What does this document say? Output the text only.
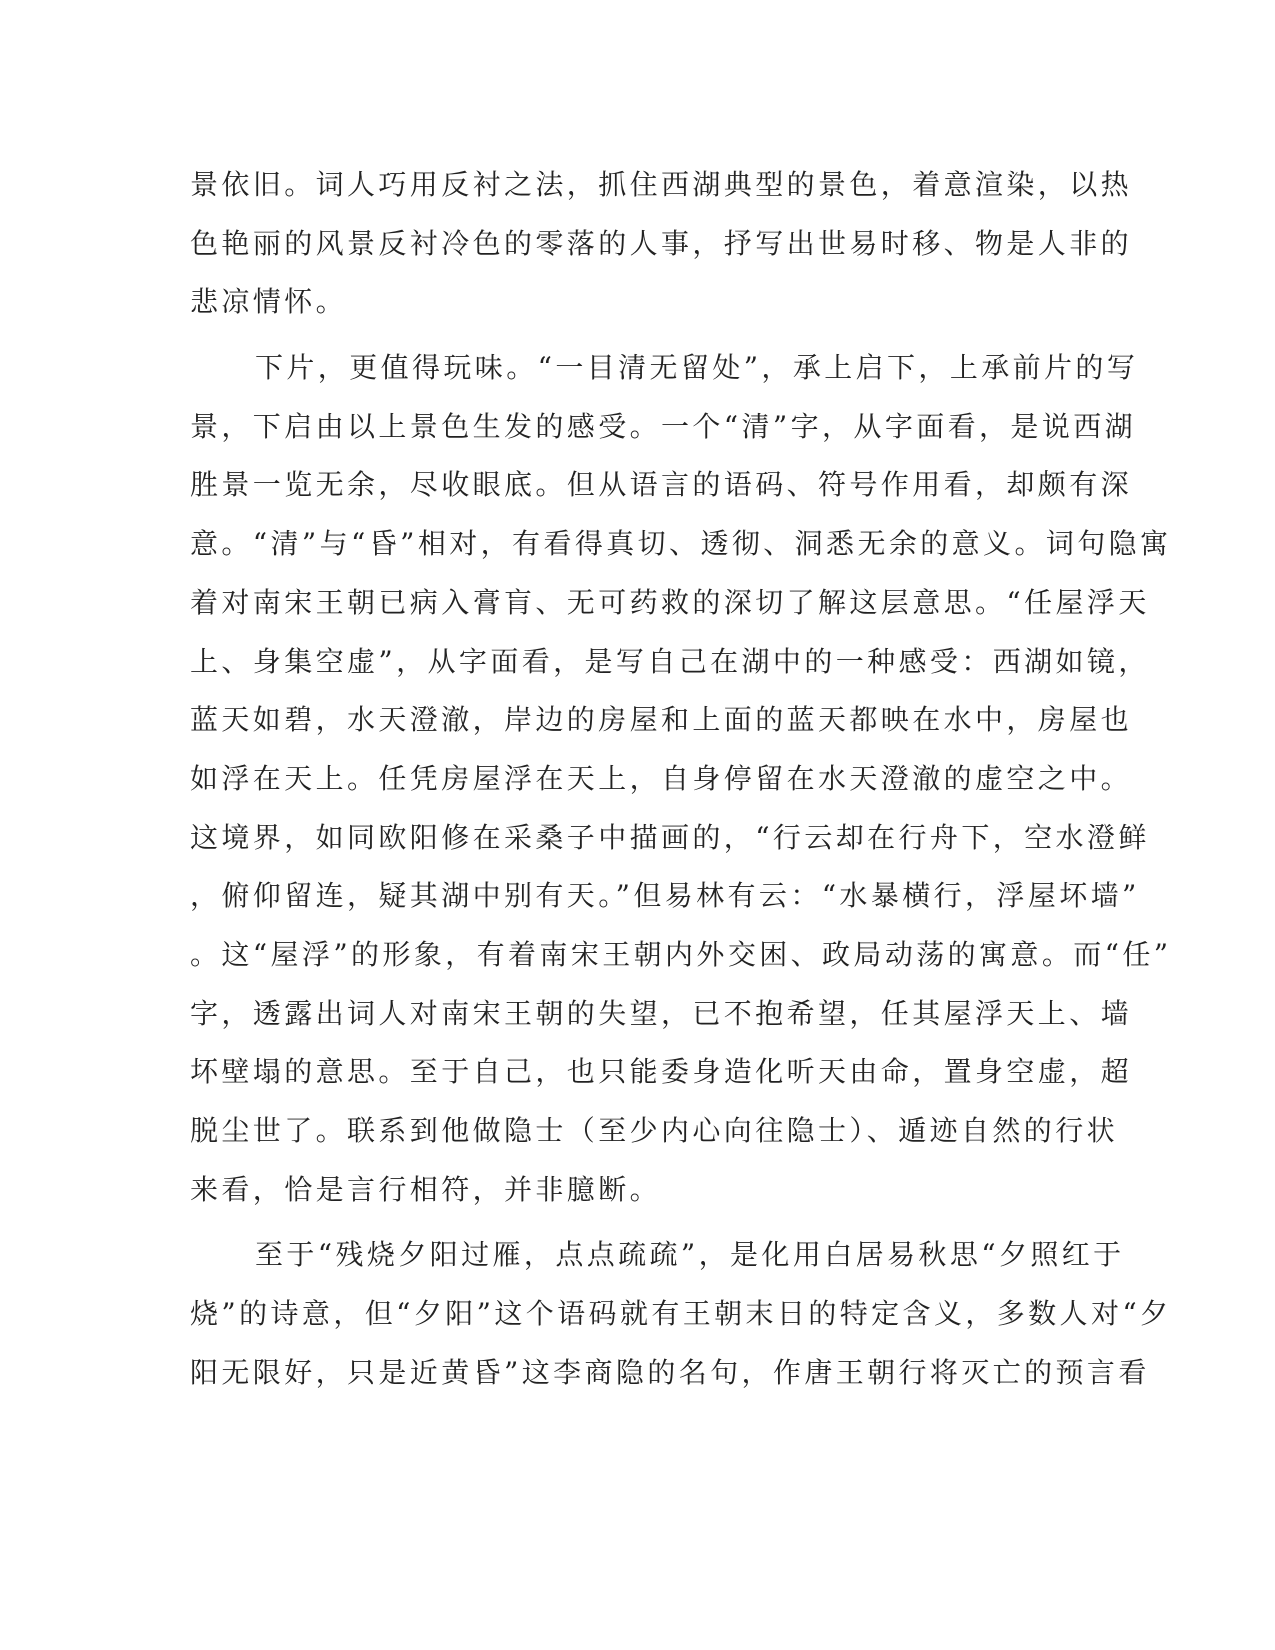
景依旧。词人巧用反衬之法，抓住西湖典型的景色，着意渲染，以热
色艳丽的风景反衬冷色的零落的人事，抒写出世易时移、物是人非的
悲凉情怀。
下片，更值得玩味。“一目清无留处”，承上启下，上承前片的写
景，下启由以上景色生发的感受。一个“清”字，从字面看，是说西湖
胜景一览无余，尽收眼底。但从语言的语码、符号作用看，却颇有深
意。“清”与“昏”相对，有看得真切、透彻、洞悉无余的意义。词句隐寓
着对南宋王朝已病入膏肓、无可药救的深切了解这层意思。“任屋浮天
上、身集空虚”，从字面看，是写自己在湖中的一种感受：西湖如镜，
蓝天如碧，水天澄澈，岸边的房屋和上面的蓝天都映在水中，房屋也
如浮在天上。任凭房屋浮在天上，自身停留在水天澄澈的虚空之中。
这境界，如同欧阳修在采桑子中描画的，“行云却在行舟下，空水澄鲜
，俯仰留连，疑其湖中别有天。”但易林有云：“水暴横行，浮屋坏墙”
。这“屋浮”的形象，有着南宋王朝内外交困、政局动荡的寓意。而“任”
字，透露出词人对南宋王朝的失望，已不抱希望，任其屋浮天上、墙
坏壁塌的意思。至于自己，也只能委身造化听天由命，置身空虚，超
脱尘世了。联系到他做隐士（至少内心向往隐士）、遁迹自然的行状
来看，恰是言行相符，并非臆断。
至于“残烧夕阳过雁，点点疏疏”，是化用白居易秋思“夕照红于
烧”的诗意，但“夕阳”这个语码就有王朝末日的特定含义，多数人对“夕
阳无限好，只是近黄昏”这李商隐的名句，作唐王朝行将灭亡的预言看
